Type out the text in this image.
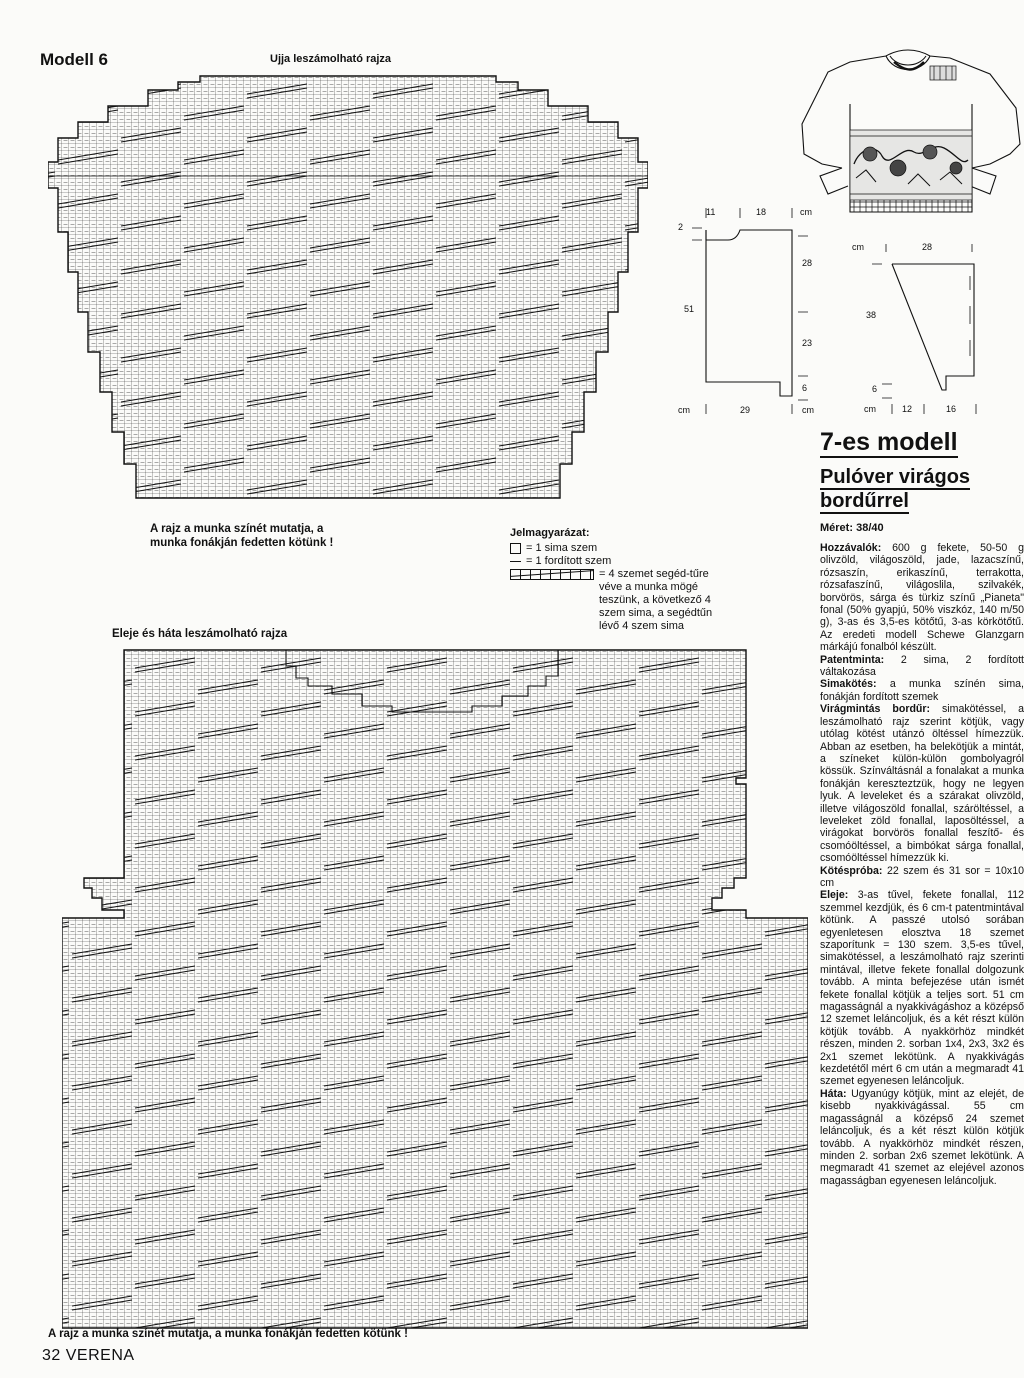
Modell 6	Ujja leszámolható rajza
A rajz a munka színét mutatja, a
munka fonákján fedetten kötünk !
Jelmagyarázat:
= 1 sima szem
= 1 fordított szem
= 4 szemet segéd-tűre véve a munka mögé teszünk, a következő 4 szem sima, a segédtűn lévő 4 szem sima
Eleje és háta leszámolható rajza
A rajz a munka színét mutatja, a munka fonákján fedetten kötünk !
32 VERENA
11	18	cm
2
51
28
23
6
cm	29	cm
cm	28
38
6
cm	12	16
7-es modell
Pulóver virágos
bordűrrel
Méret: 38/40

Hozzávalók: 600 g fekete, 50-50 g olivzöld, világoszöld, jade, lazacszínű, rózsaszín, erikaszínű, terrakotta, rózsafaszínű, világoslila, szilvakék, borvörös, sárga és türkiz színű „Pianeta" fonal (50% gyapjú, 50% viszkóz, 140 m/50 g), 3-as és 3,5-es kötőtű, 3-as körkötőtű. Az eredeti modell Schewe Glanzgarn márkájú fonalból készült.

Patentminta: 2 sima, 2 fordított váltakozása

Simakötés: a munka színén sima, fonákján fordított szemek

Virágmintás bordűr: simakötéssel, a leszámolható rajz szerint kötjük, vagy utólag kötést utánzó öltéssel hímezzük. Abban az esetben, ha belekötjük a mintát, a színeket külön-külön gombolyagról kössük. Színváltásnál a fonalakat a munka fonákján kereszteztzük, hogy ne legyen lyuk. A leveleket és a szárakat olivzöld, illetve világoszöld fonallal, száröltéssel, a leveleket zöld fonallal, laposöltéssel, a virágokat borvörös fonallal feszítő- és csomóöltéssel, a bimbókat sárga fonallal, csomóöltéssel hímezzük ki.

Kötéspróba: 22 szem és 31 sor = 10x10 cm

Eleje: 3-as tűvel, fekete fonallal, 112 szemmel kezdjük, és 6 cm-t patentmintával kötünk. A passzé utolsó sorában egyenletesen elosztva 18 szemet szaporítunk = 130 szem. 3,5-es tűvel, simakötéssel, a leszámolható rajz szerinti mintával, illetve fekete fonallal dolgozunk tovább. A minta befejezése után ismét fekete fonallal kötjük a teljes sort. 51 cm magasságnál a nyakkivágáshoz a középső 12 szemet leláncoljuk, és a két részt külön kötjük tovább. A nyakkörhöz mindkét részen, minden 2. sorban 1x4, 2x3, 3x2 és 2x1 szemet lekötünk. A nyakkivágás kezdetétől mért 6 cm után a megmaradt 41 szemet egyenesen leláncoljuk.

Háta: Ugyanúgy kötjük, mint az elejét, de kisebb nyakkivágással. 55 cm magasságnál a középső 24 szemet leláncoljuk, és a két részt külön kötjük tovább. A nyakkörhöz mindkét részen, minden 2. sorban 2x6 szemet lekötünk. A megmaradt 41 szemet az elejével azonos magasságban egyenesen leláncoljuk.
